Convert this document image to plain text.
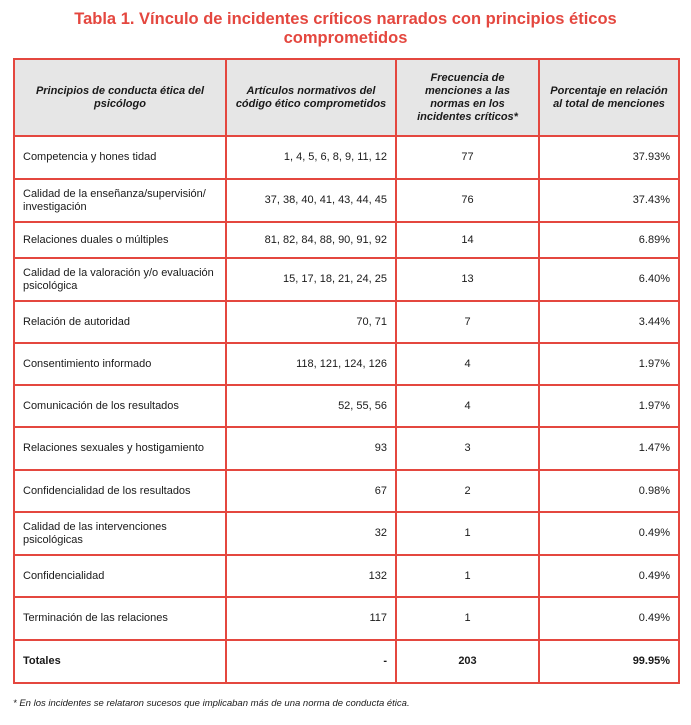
Tabla 1. Vínculo de incidentes críticos narrados con principios éticos
comprometidos
Principios de conducta ética del psicólogo	Artículos normativos del código ético comprometidos	Frecuencia de menciones a las normas en los incidentes críticos*	Porcentaje en relación al total de menciones
Competencia y hones tidad	1, 4, 5, 6, 8, 9, 11, 12	77	37.93%
Calidad de la enseñanza/supervisión/ investigación	37, 38, 40, 41, 43, 44, 45	76	37.43%
Relaciones duales o múltiples	81, 82, 84, 88, 90, 91, 92	14	6.89%
Calidad de la valoración y/o evaluación psicológica	15, 17, 18, 21, 24, 25	13	6.40%
Relación de autoridad	70, 71	7	3.44%
Consentimiento informado	118, 121, 124, 126	4	1.97%
Comunicación de los resultados	52, 55, 56	4	1.97%
Relaciones sexuales y hostigamiento	93	3	1.47%
Confidencialidad de los resultados	67	2	0.98%
Calidad de las intervenciones psicológicas	32	1	0.49%
Confidencialidad	132	1	0.49%
Terminación de las relaciones	117	1	0.49%
Totales	-	203	99.95%
* En los incidentes se relataron sucesos que implicaban más de una norma de conducta ética.
